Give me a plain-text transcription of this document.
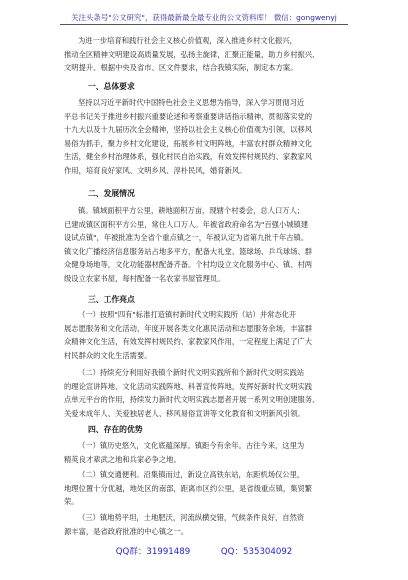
关注头条号"公文研究"，获得最新最全最专业的公文资料库！ 微信：gongwenyj
为进一步培育和践行社会主义核心价值观，深入推进乡村文化振兴，
推动全区精神文明建设高质量发展，弘扬主旋律，汇聚正能量，助力乡村振兴、
文明提升、根据中央及省市、区文件要求，结合我镇实际，制定本方案。
一、总体要求
坚持以习近平新时代中国特色社会主义思想为指导，深入学习贯彻习近
平总书记关于推进乡村振兴重要论述和考察重要讲话指示精神，贯彻落实党的
十九大以及十九届历次全会精神，坚持以社会主义核心价值观为引领，以移风
易俗为抓手，聚力乡村文化建设，拓展乡村文明阵地，丰富农村群众精神文化
生活，健全乡村治理体系，强化村民自治实践，有效发挥村规民约、家教家风
作用，培育良好家风、文明乡风、淳朴民风，婚育新风。
二、发展情况
镇。镇域面积平方公里，耕地面积万亩，现辖个村委会，总人口万人；
已建成镇区面积平方公里，常住人口万人。年被省政府命名为"百强小城镇建
设试点镇"，年被批准为全省个重点镇之一，年被认定为省第九批千年古镇。
镇文化广播经济信息服务站占地多平方，配备大礼堂、篮球场、乒乓球场、群
众健身场地等，文化功能器材配备齐备。个村均设立文化服务中心、镇、村两
级设立农家书屋，每村配备一名农家书屋管理员。
三、工作亮点
（一）按照"四有"标准打造镇村新时代文明实践所（站）并常态化开
展志愿服务和文化活动，年度开展各类文化惠民活动和志愿服务余场，丰富群
众精神文化生活，有效发挥村规民约、家教家风作用，一定程度上满足了广大
村民群众的文化生活需要。
（二）持续充分利用好我镇个新时代文明实践所和个新时代文明实践站
的理论宣讲阵地、文化活动实践阵地、科普宣传阵地，发挥好新时代文明实践
点单元平台的作用，持续发力新时代文明实践志愿者开展一系列文明创建服务、
关爱未成年人、关爱独居老人、移风易俗宣讲等文化教育和文明新风引领。
四、存在的优势
（一）镇历史悠久，文化底蕴深厚。镇距今有余年。古往今来，这里为
精英良才辈武之地和兵家必争之地。
（二）镇交通便利。沿集镇而过，新设立高铁东站，东距机场仅公里，
地理位置十分优越，地处区的南部，距离市区约公里，是省级重点镇，集贸繁
荣。
（三）镇地势平坦，土地肥沃，河流纵横交错，气候条件良好，自然资
源丰富，是省政府批准的中心镇之一。
QQ群：31991489	QQ：535304092
